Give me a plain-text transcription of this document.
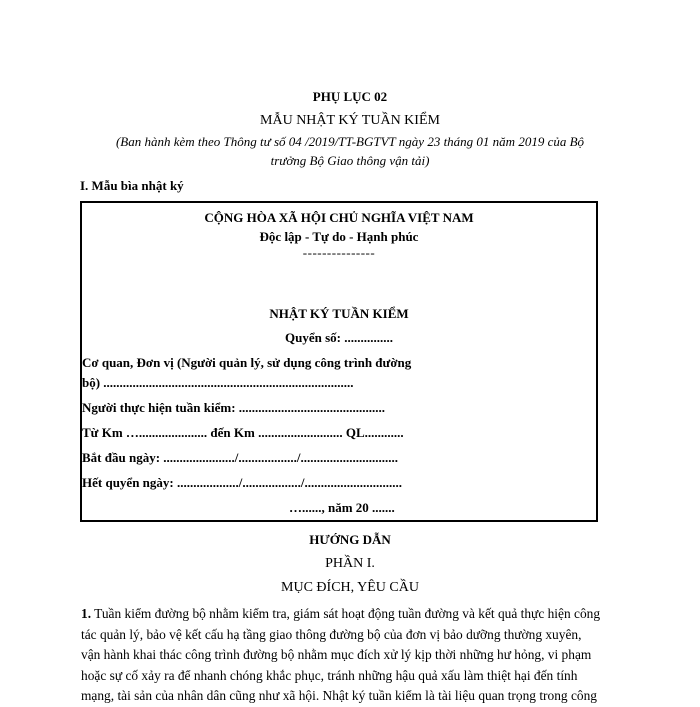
PHỤ LỤC 02
MẪU NHẬT KÝ TUẦN KIỂM
(Ban hành kèm theo Thông tư số 04 /2019/TT-BGTVT ngày 23 tháng 01 năm 2019 của Bộ
trưởng Bộ Giao thông vận tải)
I. Mẫu bìa nhật ký
CỘNG HÒA XÃ HỘI CHỦ NGHĨA VIỆT NAM
Độc lập - Tự do - Hạnh phúc
---------------
NHẬT KÝ TUẦN KIỂM
Quyển số: ...............
Cơ quan, Đơn vị (Người quản lý, sử dụng công trình đường
bộ) .............................................................................
Người thực hiện tuần kiểm: .............................................
Từ Km …..................... đến Km .......................... QL............
Bắt đầu ngày: ....................../................../..............................
Hết quyển ngày: .................../................../..............................
…......, năm 20 .......
HƯỚNG DẪN
PHẦN I.
MỤC ĐÍCH, YÊU CẦU
1. Tuần kiểm đường bộ nhằm kiểm tra, giám sát hoạt động tuần đường và kết quả thực hiện công
tác quản lý, bảo vệ kết cấu hạ tầng giao thông đường bộ của đơn vị bảo dưỡng thường xuyên,
vận hành khai thác công trình đường bộ nhằm mục đích xử lý kịp thời những hư hỏng, vi phạm
hoặc sự cố xảy ra để nhanh chóng khắc phục, tránh những hậu quả xấu làm thiệt hại đến tính
mạng, tài sản của nhân dân cũng như xã hội. Nhật ký tuần kiểm là tài liệu quan trọng trong công
